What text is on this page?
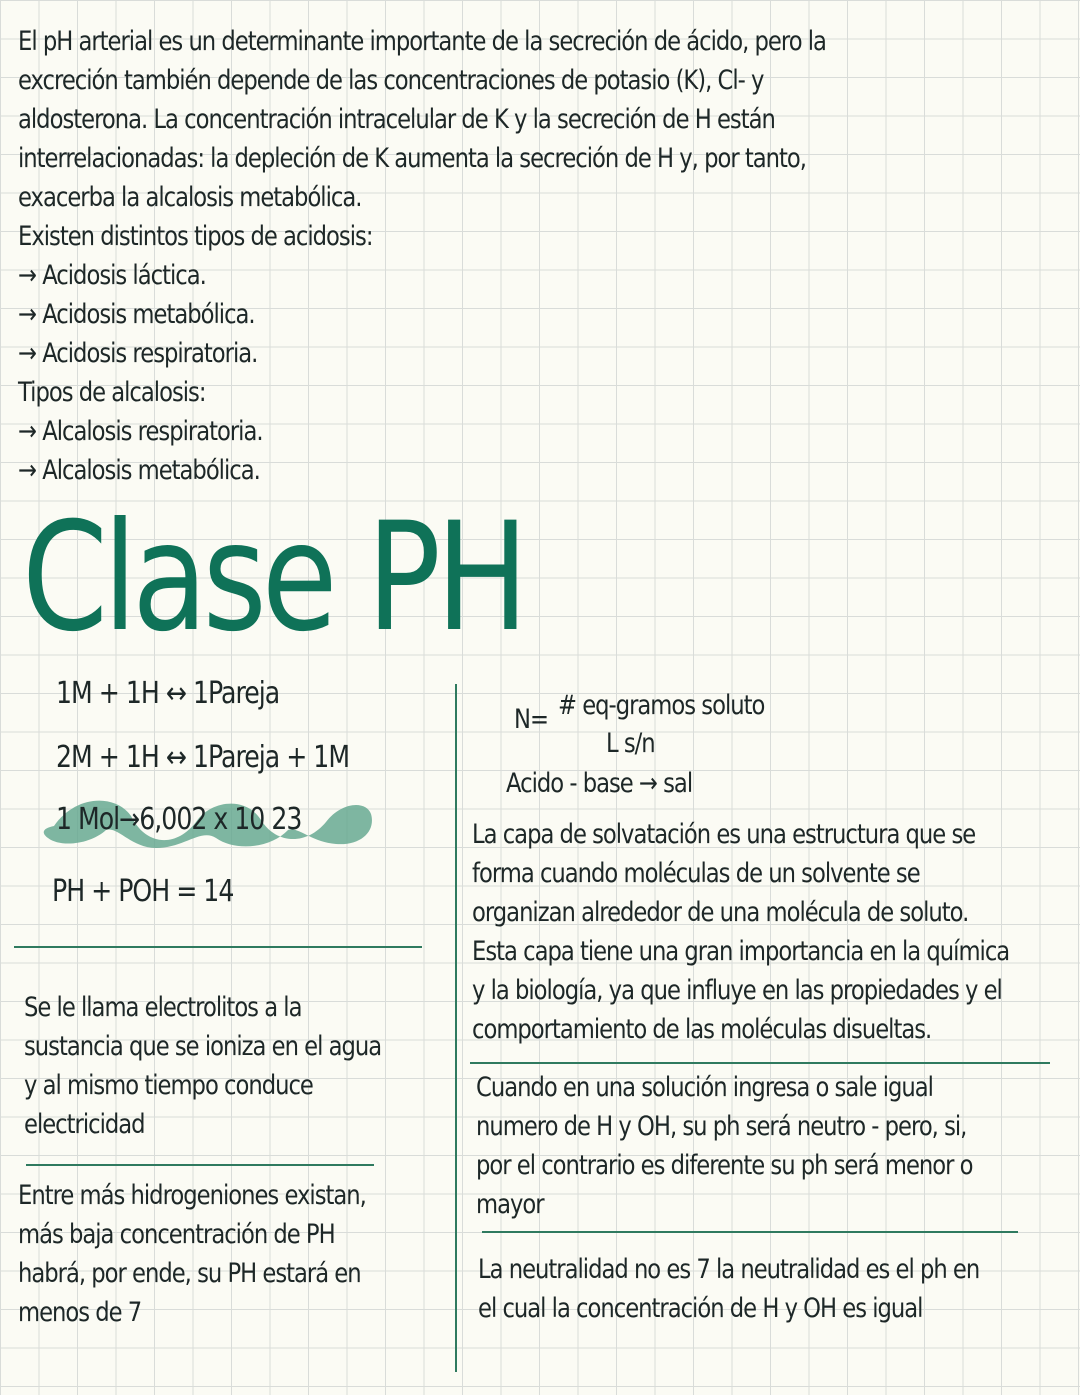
El pH arterial es un determinante importante de la secreción de ácido, pero la
excreción también depende de las concentraciones de potasio (K), Cl- y
aldosterona. La concentración intracelular de K y la secreción de H están
interrelacionadas: la depleción de K aumenta la secreción de H y, por tanto,
exacerba la alcalosis metabólica.
Existen distintos tipos de acidosis:
→ Acidosis láctica.
→ Acidosis metabólica.
→ Acidosis respiratoria.
Tipos de alcalosis:
→ Alcalosis respiratoria.
→ Alcalosis metabólica.
Clase PH
1M + 1H ↔ 1Pareja
2M + 1H ↔ 1Pareja + 1M
1 Mol→6,002 x 10 23
PH + POH = 14
Se le llama electrolitos a la
sustancia que se ioniza en el agua
y al mismo tiempo conduce
electricidad
Entre más hidrogeniones existan,
más baja concentración de PH
habrá, por ende, su PH estará en
menos de 7
N= # eq-gramos soluto
L s/n
Acido - base → sal
La capa de solvatación es una estructura que se
forma cuando moléculas de un solvente se
organizan alrededor de una molécula de soluto.
Esta capa tiene una gran importancia en la química
y la biología, ya que influye en las propiedades y el
comportamiento de las moléculas disueltas.
Cuando en una solución ingresa o sale igual
numero de H y OH, su ph será neutro - pero, si,
por el contrario es diferente su ph será menor o
mayor
La neutralidad no es 7 la neutralidad es el ph en
el cual la concentración de H y OH es igual
